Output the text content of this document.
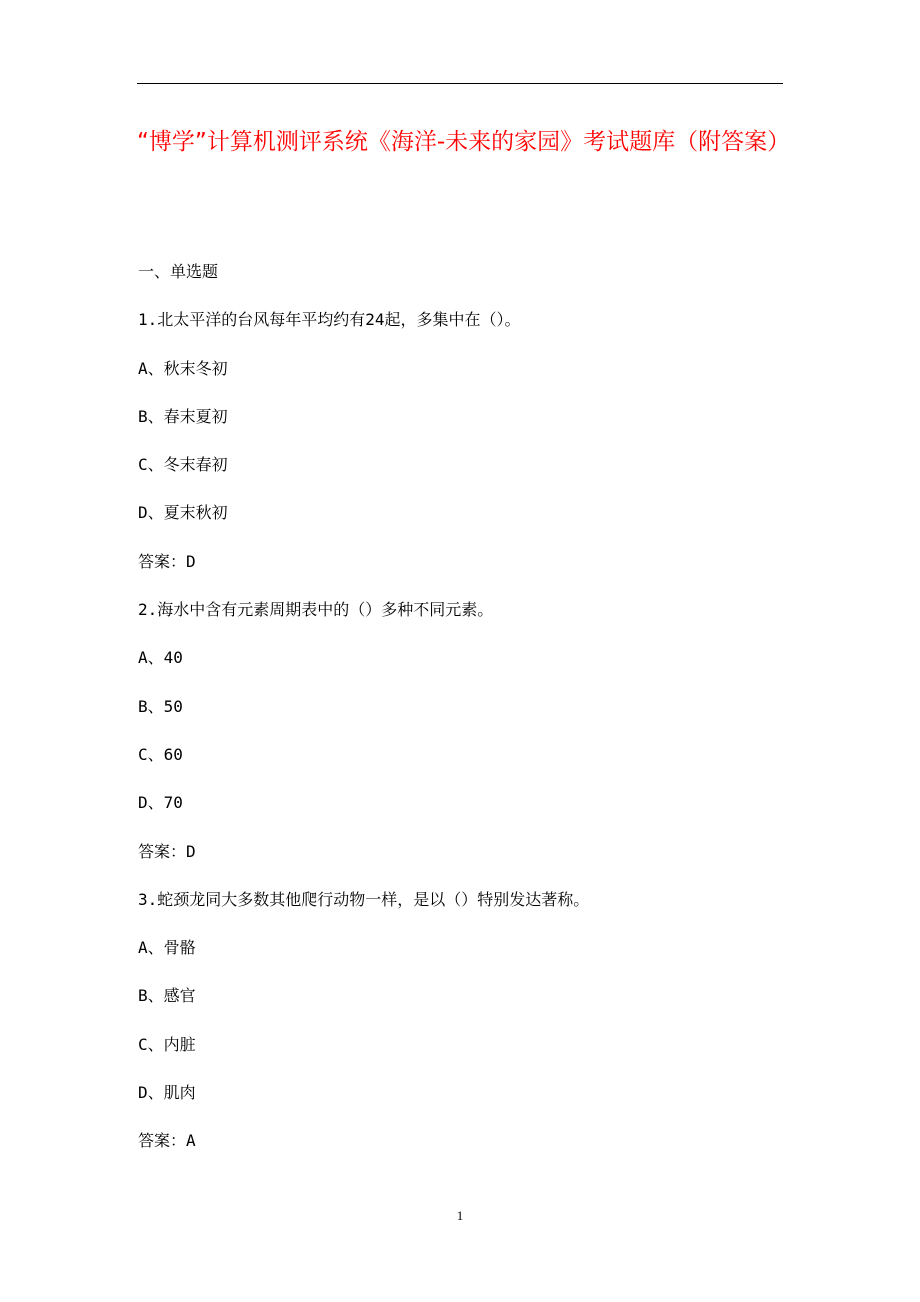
“博学”计算机测评系统《海洋-未来的家园》考试题库（附答案）
一、单选题
1.北太平洋的台风每年平均约有24起，多集中在（）。
A、秋末冬初
B、春末夏初
C、冬末春初
D、夏末秋初
答案：D
2.海水中含有元素周期表中的（）多种不同元素。
A、40
B、50
C、60
D、70
答案：D
3.蛇颈龙同大多数其他爬行动物一样，是以（）特别发达著称。
A、骨骼
B、感官
C、内脏
D、肌肉
答案：A
1
